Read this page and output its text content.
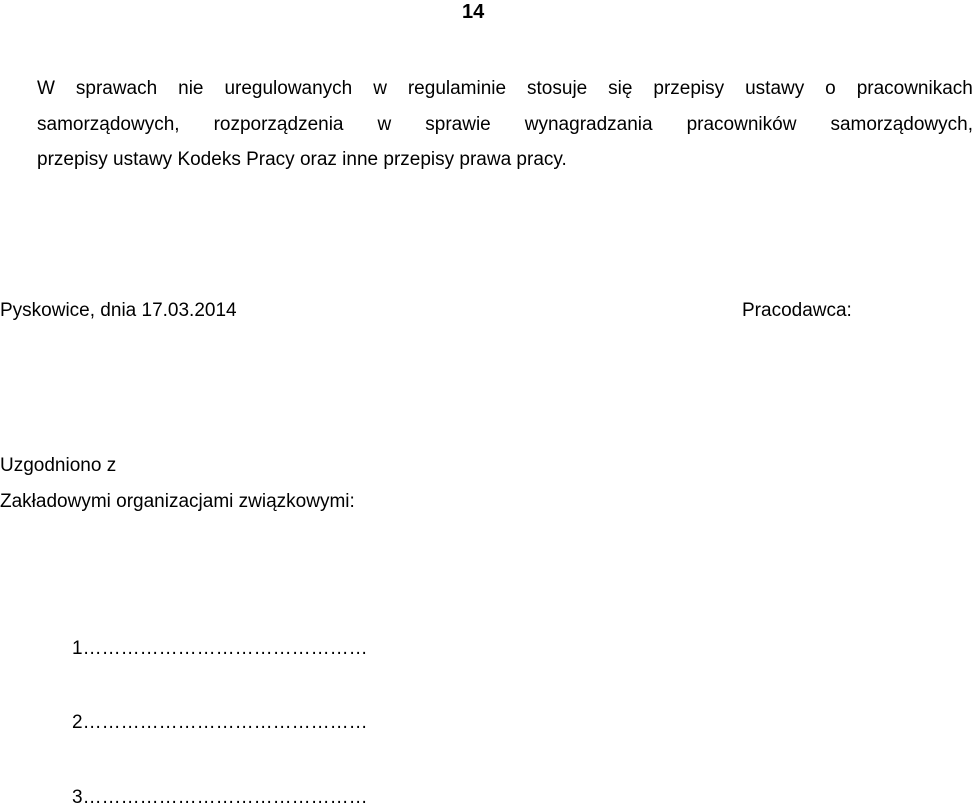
14
W sprawach nie uregulowanych w regulaminie stosuje się przepisy ustawy o pracownikach
samorządowych, rozporządzenia w sprawie wynagradzania pracowników samorządowych,
przepisy ustawy Kodeks Pracy oraz inne przepisy prawa pracy.
Pyskowice, dnia 17.03.2014	Pracodawca:
Uzgodniono z
Zakładowymi organizacjami związkowymi:
1………………………………………
2………………………………………
3………………………………………
